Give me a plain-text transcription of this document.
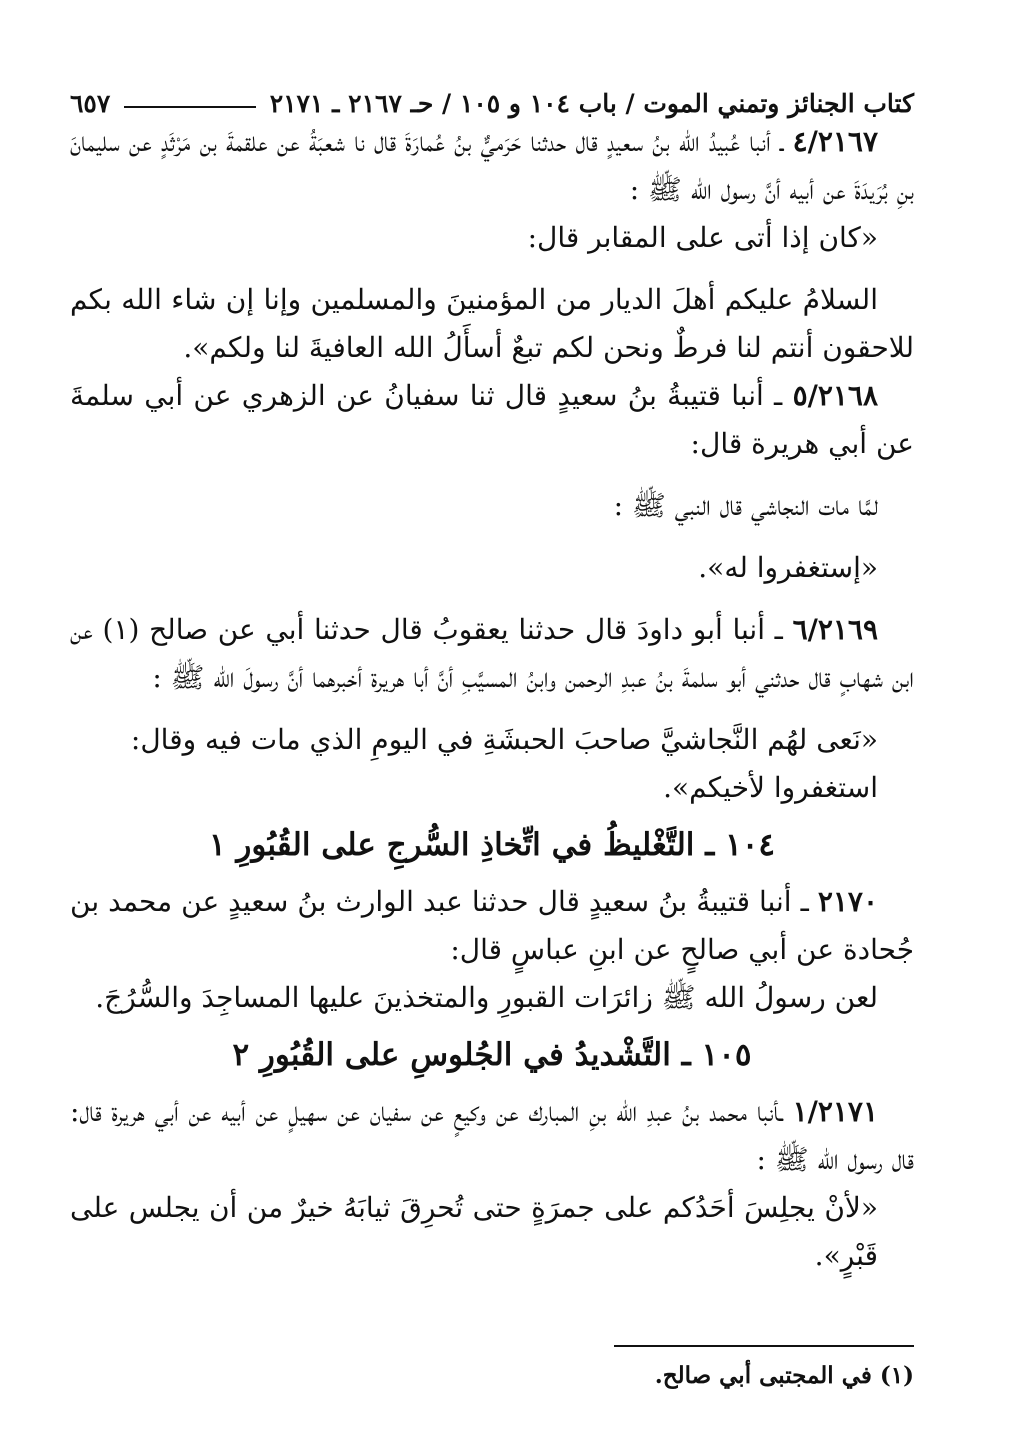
كتاب الجنائز وتمني الموت / باب ١٠٤ و ١٠٥ / حـ ٢١٦٧ ـ ٢١٧١
٦٥٧

٤/٢١٦٧ ـ أنبا عُبيدُ الله بنُ سعيدٍ قال حدثنا حَرَميٌّ بنُ عُمارَةَ قال نا شعبَةُ عن علقمةَ بن مَرْثَدٍ عن سليمانَ بنِ بُرَيدَةَ عن أبيه أنَّ رسول الله ﷺ :

«كان إذا أتى على المقابر قال:

السلامُ عليكم أهلَ الديار من المؤمنينَ والمسلمين وإنا إن شاء الله بكم للاحقون أنتم لنا فرطٌ ونحن لكم تبعٌ أسأَلُ الله العافيةَ لنا ولكم».

٥/٢١٦٨ ـ أنبا قتيبةُ بنُ سعيدٍ قال ثنا سفيانُ عن الزهري عن أبي سلمةَ عن أبي هريرة قال:

لمَّا مات النجاشي قال النبي ﷺ :

«إستغفروا له».

٦/٢١٦٩ ـ أنبا أبو داودَ قال حدثنا يعقوبُ قال حدثنا أبي عن صالح (١) عن ابن شهابٍ قال حدثني أبو سلمةَ بنُ عبدِ الرحمن وابنُ المسيَّبِ أنَّ أبا هريرة أخبرهما أنَّ رسولَ الله ﷺ :

«نَعى لهُم النَّجاشيَّ صاحبَ الحبشَةِ في اليومِ الذي مات فيه وقال:

استغفروا لأخيكم».

١٠٤ ـ التَّغْليظُ في اتِّخاذِ السُّرجِ على القُبُورِ ١

٢١٧٠ ـ أنبا قتيبةُ بنُ سعيدٍ قال حدثنا عبد الوارث بنُ سعيدٍ عن محمد بن جُحادة عن أبي صالحٍ عن ابنِ عباسٍ قال:

لعن رسولُ الله ﷺ زائرَات القبورِ والمتخذينَ عليها المساجِدَ والسُّرُجَ.

١٠٥ ـ التَّشْديدُ في الجُلوسِ على القُبُورِ ٢

١/٢١٧١ ـأنبا محمد بنُ عبدِ الله بنِ المبارك عن وكيعٍ عن سفيان عن سهيلٍ عن أبيه عن أبي هريرة قال: قال رسول الله ﷺ :

«لأنْ يجلِسَ أحَدُكم على جمرَةٍ حتى تُحرِقَ ثيابَهُ خيرٌ من أن يجلس على قَبْرٍ».

(١) في المجتبى أبي صالح.
